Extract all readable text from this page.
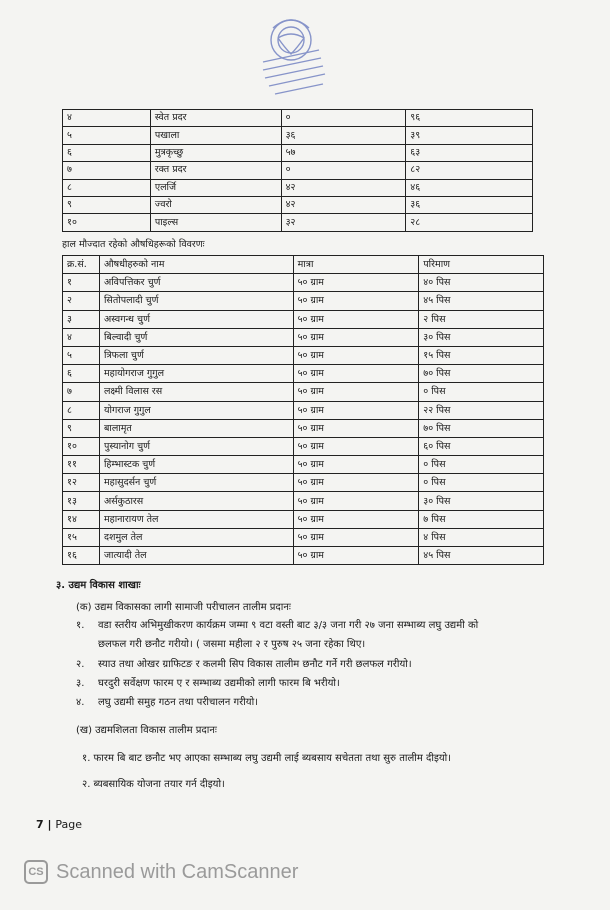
४	स्वेत प्रदर	०	९६
५	पखाला	३६	३९
६	मुत्रकृच्छु	५७	६३
७	रक्त प्रदर	०	८२
८	एलर्जि	४२	४६
९	ज्वरो	४२	३६
१०	पाइल्स	३२	२८
हाल मौज्दात रहेको औषधिहरूको विवरणः
क्र.सं.	औषधीहरुको नाम	मात्रा	परिमाण
१	अविपत्तिकर चुर्ण	५० ग्राम	४० पिस
२	सितोपलादी चुर्ण	५० ग्राम	४५ पिस
३	अस्वगन्ध चुर्ण	५० ग्राम	२ पिस
४	बिल्वादी चुर्ण	५० ग्राम	३० पिस
५	त्रिफला चुर्ण	५० ग्राम	१५ पिस
६	महायोगराज गुगुल	५० ग्राम	७० पिस
७	लक्ष्मी विलास रस	५० ग्राम	० पिस
८	योगराज गुगुल	५० ग्राम	२२ पिस
९	बालामृत	५० ग्राम	७० पिस
१०	पुस्यानोग चुर्ण	५० ग्राम	६० पिस
११	हिम्भास्टक चुर्ण	५० ग्राम	० पिस
१२	महासुदर्सन चुर्ण	५० ग्राम	० पिस
१३	अर्सकुठारस	५० ग्राम	३० पिस
१४	महानारायण तेल	५० ग्राम	७ पिस
१५	दशमुल तेल	५० ग्राम	४ पिस
१६	जात्यादी तेल	५० ग्राम	४५ पिस
३. उद्यम विकास शाखाः
(क) उद्यम विकासका लागी सामाजी परीचालन तालीम प्रदानः
१. वडा स्तरीय अभिमुखीकरण कार्यक्रम जम्मा ९ वटा वस्ती बाट ३/३ जना गरी २७ जना सम्भाब्य लघु उद्यमी को
छलफल गरी छनौट गरीयो। ( जसमा महीला २ र पुरुष २५ जना रहेका थिए।
२. स्याउ तथा ओखर ग्राफिटङ र कलमी सिप विकास तालीम छनौट गर्ने गरी छलफल गरीयो।
३. घरदुरी सर्वेक्षण फारम ए र सम्भाब्य उद्यमीको लागी फारम बि भरीयो।
४. लघु उद्यमी समुह गठन तथा परीचालन गरीयो।
(ख) उद्यमशिलता विकास तालीम प्रदानः
१. फारम बि बाट छनौट भए आएका सम्भाब्य लघु उद्यमी लाई ब्यबसाय सचेतता तथा सुरु तालीम दीइयो।
२. ब्यबसायिक योजना तयार गर्न दीइयो।
7 | Page
CS Scanned with CamScanner
